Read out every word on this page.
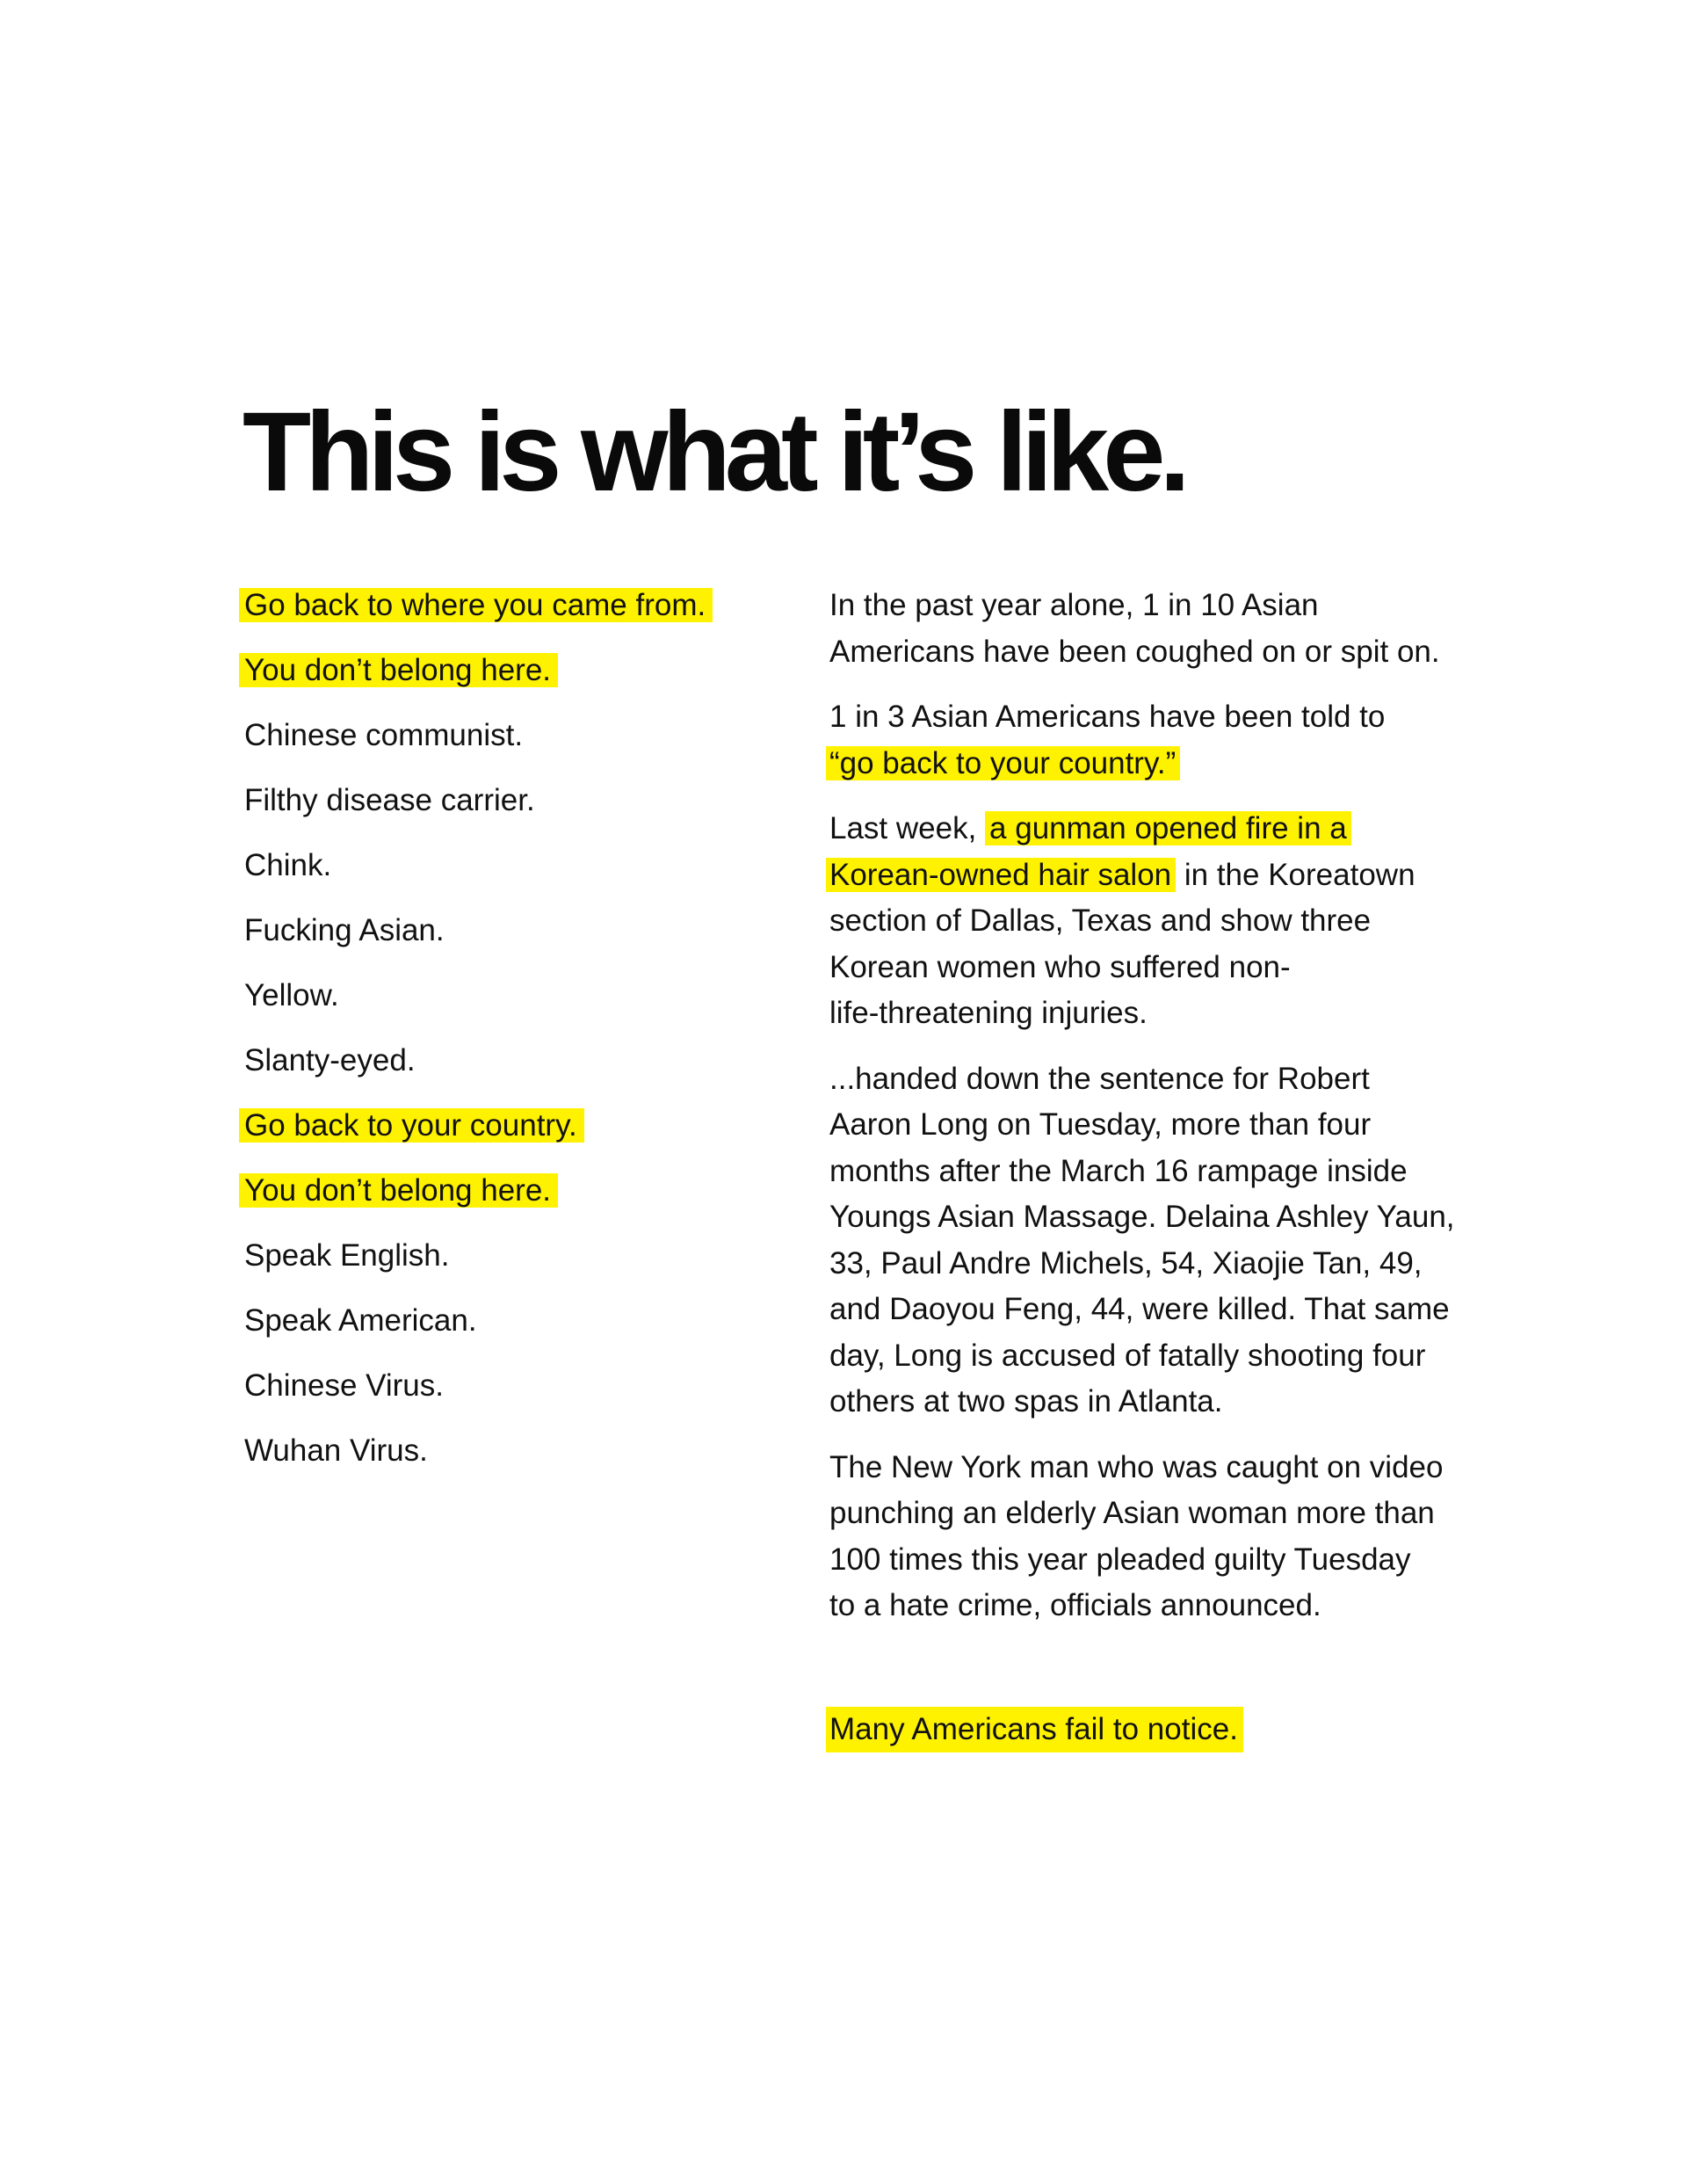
This is what it’s like.
Go back to where you came from.
You don’t belong here.
Chinese communist.
Filthy disease carrier.
Chink.
Fucking Asian.
Yellow.
Slanty-eyed.
Go back to your country.
You don’t belong here.
Speak English.
Speak American.
Chinese Virus.
Wuhan Virus.

In the past year alone, 1 in 10 Asian
Americans have been coughed on or spit on.

1 in 3 Asian Americans have been told to
“go back to your country.”

Last week, a gunman opened fire in a
Korean-owned hair salon in the Koreatown
section of Dallas, Texas and show three
Korean women who suffered non-
life-threatening injuries.

...handed down the sentence for Robert
Aaron Long on Tuesday, more than four
months after the March 16 rampage inside
Youngs Asian Massage. Delaina Ashley Yaun,
33, Paul Andre Michels, 54, Xiaojie Tan, 49,
and Daoyou Feng, 44, were killed. That same
day, Long is accused of fatally shooting four
others at two spas in Atlanta.

The New York man who was caught on video
punching an elderly Asian woman more than
100 times this year pleaded guilty Tuesday
to a hate crime, officials announced.

Many Americans fail to notice.
